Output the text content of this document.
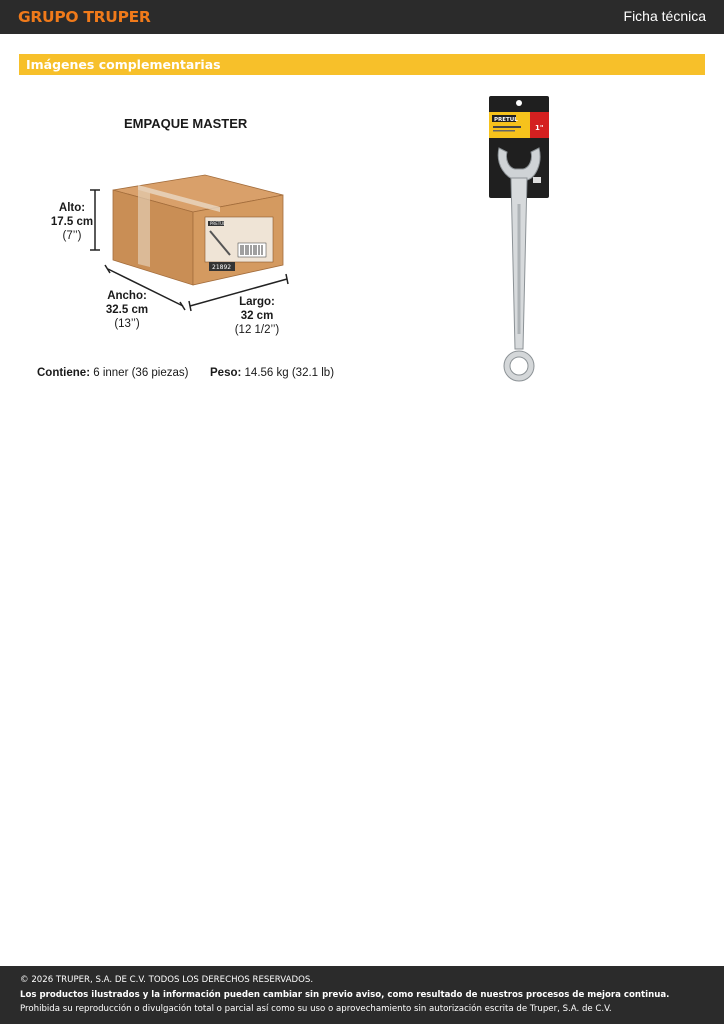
GRUPO TRUPER	Ficha técnica
Imágenes complementarias
EMPAQUE MASTER
PRETUL
21892
Alto:
17.5 cm
(7’’)
Ancho:
32.5 cm
(13’’)
Largo:
32 cm
(12 1/2’’)
Contiene: 6 inner (36 piezas) Peso: 14.56 kg (32.1 lb)
PRETUL
1"
© 2026 TRUPER, S.A. DE C.V. TODOS LOS DERECHOS RESERVADOS.
Los productos ilustrados y la información pueden cambiar sin previo aviso, como resultado de nuestros procesos de mejora continua.
Prohibida su reproducción o divulgación total o parcial así como su uso o aprovechamiento sin autorización escrita de Truper, S.A. de C.V.
